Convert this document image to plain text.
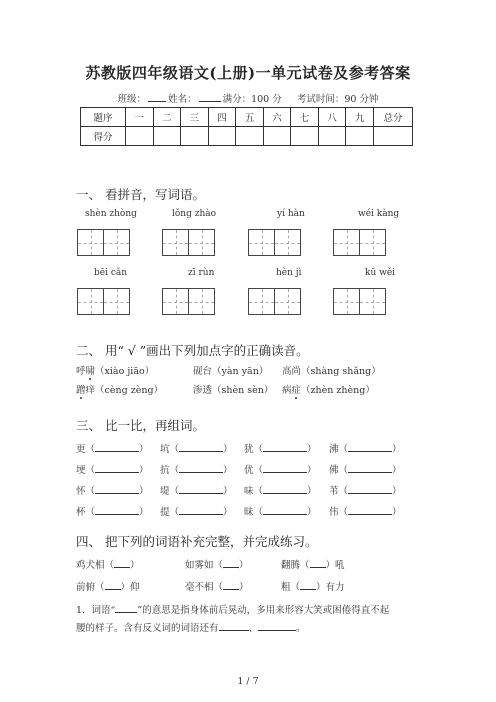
苏教版四年级语文(上册)一单元试卷及参考答案
班级： 姓名：	满分：100 分 考试时间：90 分钟
题序	一	二	三	四	五	六	七	八	九	总分
得分										
一、 看拼音，写词语。
shèn zhòng	lǒng zhào	yí hàn	wéi kàng
bēi cǎn	zī rùn	hèn jì	kū wěi
二、 用“ √ ”画出下列加点字的正确读音。
呼啸（xiào jiāo）	砚台（yàn yān） 高尚（shàng shǎng）
蹭痒（cèng zèng）	渗透（shèn sèn） 病症（zhèn zhèng）
三、 比一比，再组词。
更（	） 坑（	） 犹（	） 沸（	）
埂（	） 抗（	） 优（	） 佛（	）
怀（	） 堤（	） 味（	） 苇（	）
杯（	） 提（	） 昧（	） 伟（	）
四、 把下列的词语补充完整，并完成练习。
鸡犬相（ ）	如雾如（ ）	翻腾（ ）吼
前俯（ ）仰	毫不相（ ）	粗（ ）有力
1．词语“ ”的意思是指身体前后晃动，多用来形容大笑或困倦得直不起
腰的样子。含有反义词的词语还有	、	。
1 / 7
